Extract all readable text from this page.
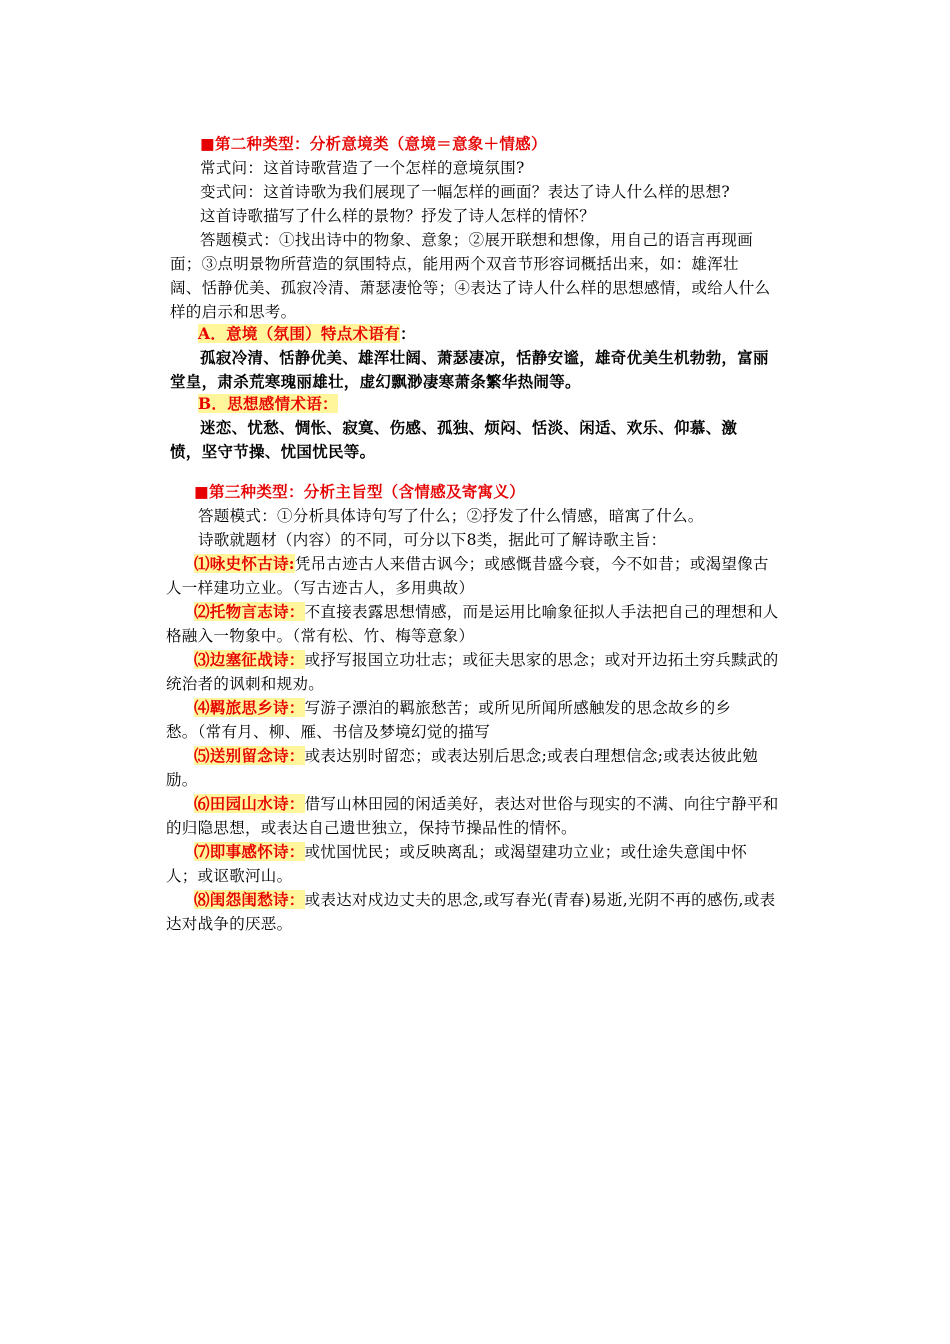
■第二种类型：分析意境类（意境＝意象＋情感）
常式问：这首诗歌营造了一个怎样的意境氛围?
变式问：这首诗歌为我们展现了一幅怎样的画面？表达了诗人什么样的思想?
这首诗歌描写了什么样的景物？抒发了诗人怎样的情怀？
答题模式：①找出诗中的物象、意象；②展开联想和想像，用自己的语言再现画
面；③点明景物所营造的氛围特点，能用两个双音节形容词概括出来，如：雄浑壮
阔、恬静优美、孤寂冷清、萧瑟凄怆等；④表达了诗人什么样的思想感情，或给人什么
样的启示和思考。
A．意境（氛围）特点术语有：
孤寂冷清、恬静优美、雄浑壮阔、萧瑟凄凉，恬静安谧，雄奇优美生机勃勃，富丽
堂皇，肃杀荒寒瑰丽雄壮，虚幻飘渺凄寒萧条繁华热闹等。
B．思想感情术语：
迷恋、忧愁、惆怅、寂寞、伤感、孤独、烦闷、恬淡、闲适、欢乐、仰慕、激
愤，坚守节操、忧国忧民等。
■第三种类型：分析主旨型（含情感及寄寓义）
答题模式：①分析具体诗句写了什么；②抒发了什么情感，暗寓了什么。
诗歌就题材（内容）的不同，可分以下8类，据此可了解诗歌主旨：
⑴咏史怀古诗:凭吊古迹古人来借古讽今；或感慨昔盛今衰，今不如昔；或渴望像古
人一样建功立业。（写古迹古人，多用典故）
⑵托物言志诗：不直接表露思想情感，而是运用比喻象征拟人手法把自己的理想和人
格融入一物象中。（常有松、竹、梅等意象）
⑶边塞征战诗：或抒写报国立功壮志；或征夫思家的思念；或对开边拓土穷兵黩武的
统治者的讽刺和规劝。
⑷羁旅思乡诗：写游子漂泊的羁旅愁苦；或所见所闻所感触发的思念故乡的乡
愁。（常有月、柳、雁、书信及梦境幻觉的描写
⑸送别留念诗：或表达别时留恋；或表达别后思念;或表白理想信念;或表达彼此勉
励。
⑹田园山水诗：借写山林田园的闲适美好，表达对世俗与现实的不满、向往宁静平和
的归隐思想，或表达自己遗世独立，保持节操品性的情怀。
⑺即事感怀诗：或忧国忧民；或反映离乱；或渴望建功立业；或仕途失意闺中怀
人；或讴歌河山。
⑻闺怨闺愁诗：或表达对戍边丈夫的思念,或写春光(青春)易逝,光阴不再的感伤,或表
达对战争的厌恶。
